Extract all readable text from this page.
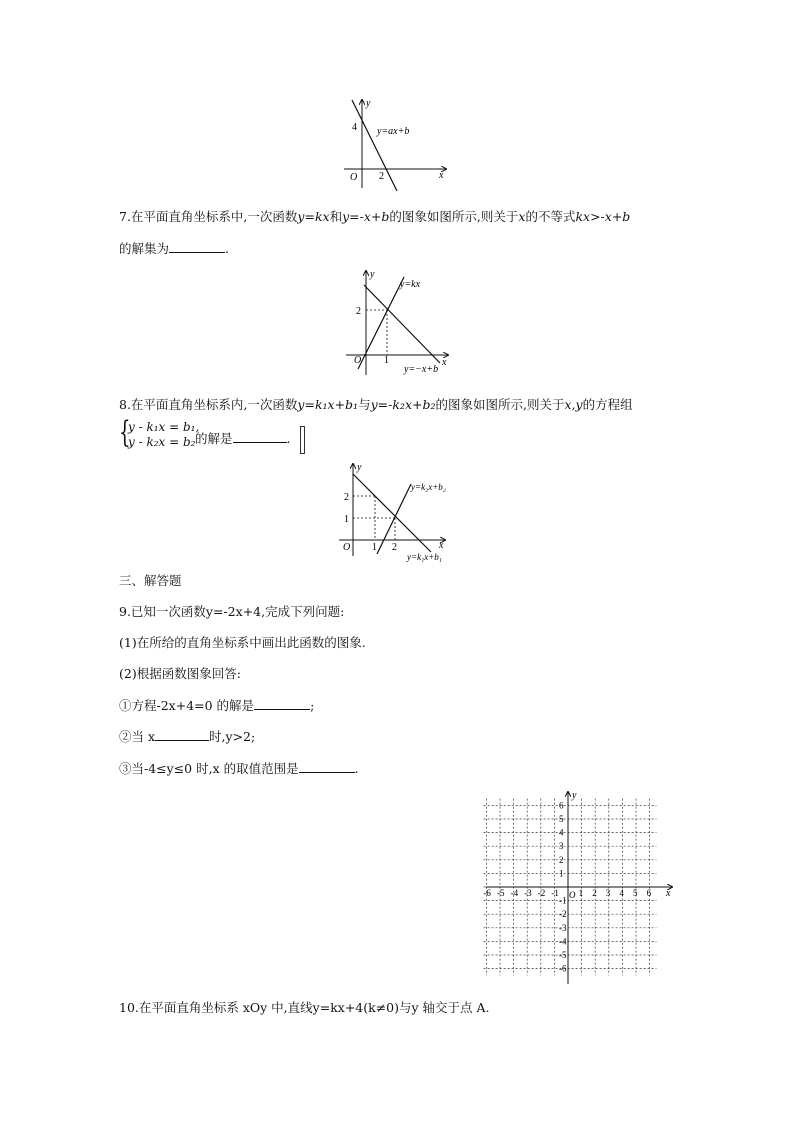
y
x
O
4
2
y=ax+b
7.在平面直角坐标系中,一次函数y=kx和y=-x+b的图象如图所示,则关于x的不等式kx>-x+b
的解集为	.
y
x
O
2
1
y=kx
y=−x+b
8.在平面直角坐标系内,一次函数y=k₁x+b₁与y=-k₂x+b₂的图象如图所示,则关于x,y的方程组
{
y - k₁x = b₁,
y - k₂x = b₂ 的解是	.
y
x
O
2
1
1 2
y=k₂x+b₂
y=k₁x+b₁
三、解答题
9.已知一次函数y=-2x+4,完成下列问题:
(1)在所给的直角坐标系中画出此函数的图象.
(2)根据函数图象回答:
①方程-2x+4=0 的解是	;
②当 x	时,y>2;
③当-4≤y≤0 时,x 的取值范围是	.
y
x
O
-6 -5 -4 -3 -2 -1 1 2 3 4 5 6
6
5
4
3
2
1
-1
-2
-3
-4
-5
-6
10.在平面直角坐标系 xOy 中,直线y=kx+4(k≠0)与y 轴交于点 A.
